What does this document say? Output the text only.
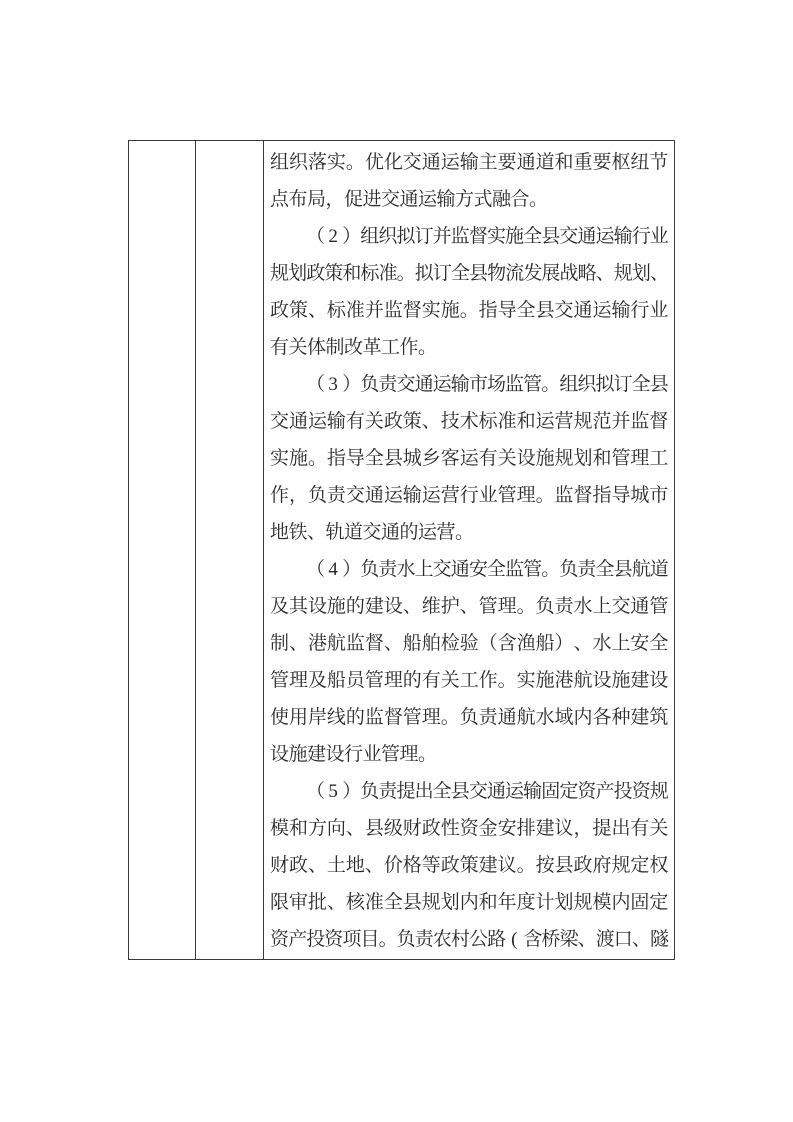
组 织 落 实 。 优 化 交 通 运 输 主 要 通 道 和 重 要 枢 纽 节
点 布 局 ， 促 进 交 通 运 输 方 式 融 合 。
（ 2 ） 组 织 拟 订 并 监 督 实 施 全 县 交 通 运 输 行 业
规 划 政 策 和 标 准 。 拟 订 全 县 物 流 发 展 战 略 、 规 划 、
政 策 、 标 准 并 监 督 实 施 。 指 导 全 县 交 通 运 输 行 业
有 关 体 制 改 革 工 作 。
（ 3 ） 负 责 交 通 运 输 市 场 监 管 。 组 织 拟 订 全 县
交 通 运 输 有 关 政 策 、 技 术 标 准 和 运 营 规 范 并 监 督
实 施 。 指 导 全 县 城 乡 客 运 有 关 设 施 规 划 和 管 理 工
作 ， 负 责 交 通 运 输 运 营 行 业 管 理 。 监 督 指 导 城 市
地 铁 、 轨 道 交 通 的 运 营 。
（ 4 ） 负 责 水 上 交 通 安 全 监 管 。 负 责 全 县 航 道
及 其 设 施 的 建 设 、 维 护 、 管 理 。 负 责 水 上 交 通 管
制 、 港 航 监 督 、 船 舶 检 验 （ 含 渔 船 ） 、 水 上 安 全
管 理 及 船 员 管 理 的 有 关 工 作 。 实 施 港 航 设 施 建 设
使 用 岸 线 的 监 督 管 理 。 负 责 通 航 水 域 内 各 种 建 筑
设 施 建 设 行 业 管 理 。
（ 5 ） 负 责 提 出 全 县 交 通 运 输 固 定 资 产 投 资 规
模 和 方 向 、 县 级 财 政 性 资 金 安 排 建 议 ， 提 出 有 关
财 政 、 土 地 、 价 格 等 政 策 建 议 。 按 县 政 府 规 定 权
限 审 批 、 核 准 全 县 规 划 内 和 年 度 计 划 规 模 内 固 定
资 产 投 资 项 目 。 负 责 农 村 公 路 ( 含 桥 梁 、 渡 口 、 隧
